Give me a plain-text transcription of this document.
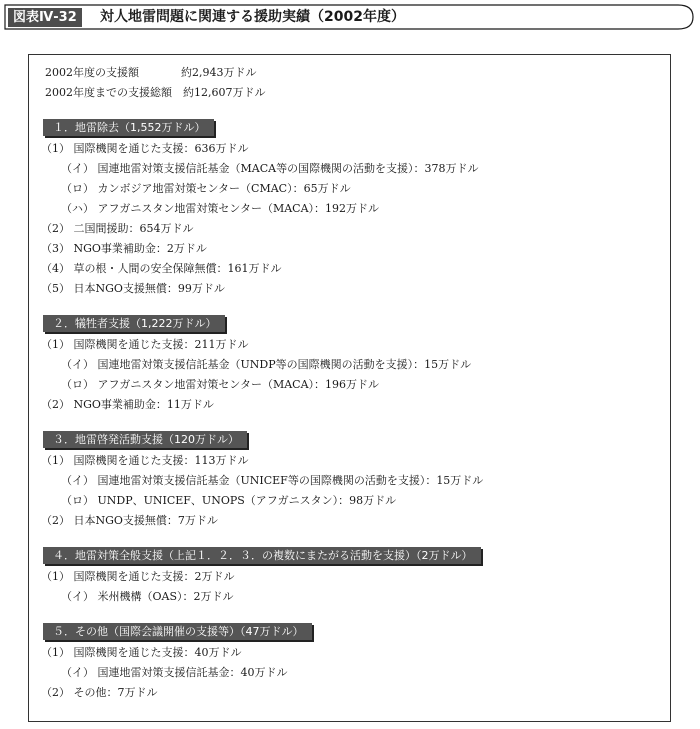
図表Ⅳ-32	対人地雷問題に関連する援助実績（2002年度）
2002年度の支援額	約2,943万ドル
2002年度までの支援総額 約12,607万ドル
１．地雷除去（1,552万ドル）
（1） 国際機関を通じた支援：636万ドル
（イ） 国連地雷対策支援信託基金（MACA等の国際機関の活動を支援）：378万ドル
（ロ） カンボジア地雷対策センター（CMAC）：65万ドル
（ハ） アフガニスタン地雷対策センター（MACA）：192万ドル
（2） 二国間援助：654万ドル
（3） NGO事業補助金：2万ドル
（4） 草の根・人間の安全保障無償：161万ドル
（5） 日本NGO支援無償：99万ドル
２．犠牲者支援（1,222万ドル）
（1） 国際機関を通じた支援：211万ドル
（イ） 国連地雷対策支援信託基金（UNDP等の国際機関の活動を支援）：15万ドル
（ロ） アフガニスタン地雷対策センター（MACA）：196万ドル
（2） NGO事業補助金：11万ドル
３．地雷啓発活動支援（120万ドル）
（1） 国際機関を通じた支援：113万ドル
（イ） 国連地雷対策支援信託基金（UNICEF等の国際機関の活動を支援）：15万ドル
（ロ） UNDP、UNICEF、UNOPS（アフガニスタン）：98万ドル
（2） 日本NGO支援無償：7万ドル
４．地雷対策全般支援（上記１．２．３．の複数にまたがる活動を支援）（2万ドル）
（1） 国際機関を通じた支援：2万ドル
（イ） 米州機構（OAS）：2万ドル
５．その他（国際会議開催の支援等）（47万ドル）
（1） 国際機関を通じた支援：40万ドル
（イ） 国連地雷対策支援信託基金：40万ドル
（2） その他：7万ドル
